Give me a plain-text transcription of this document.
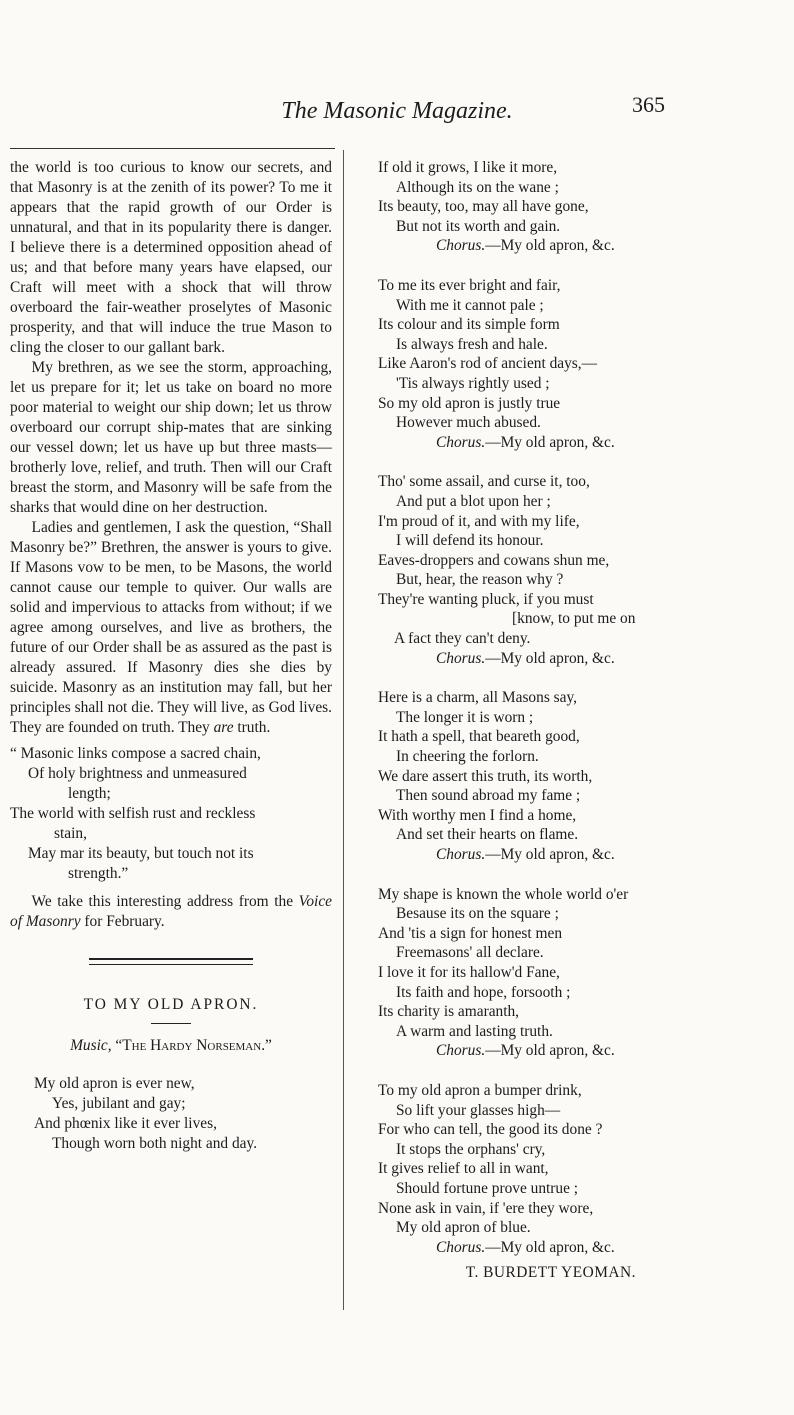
The Masonic Magazine.	365

the world is too curious to know our secrets, and that Masonry is at the zenith of its power? To me it appears that the rapid growth of our Order is unnatural, and that in its popularity there is danger. I believe there is a determined opposition ahead of us; and that before many years have elapsed, our Craft will meet with a shock that will throw overboard the fair-weather proselytes of Masonic prosperity, and that will induce the true Mason to cling the closer to our gallant bark.

My brethren, as we see the storm, approaching, let us prepare for it; let us take on board no more poor material to weight our ship down; let us throw overboard our corrupt ship-mates that are sinking our vessel down; let us have up but three masts—brotherly love, relief, and truth. Then will our Craft breast the storm, and Masonry will be safe from the sharks that would dine on her destruction.

Ladies and gentlemen, I ask the question, “Shall Masonry be?” Brethren, the answer is yours to give. If Masons vow to be men, to be Masons, the world cannot cause our temple to quiver. Our walls are solid and impervious to attacks from without; if we agree among ourselves, and live as brothers, the future of our Order shall be as assured as the past is already assured. If Masonry dies she dies by suicide. Masonry as an institution may fall, but her principles shall not die. They will live, as God lives. They are founded on truth. They are truth.

“ Masonic links compose a sacred chain,
Of holy brightness and unmeasured
length;
The world with selfish rust and reckless
stain,
May mar its beauty, but touch not its
strength.”

We take this interesting address from the Voice of Masonry for February.

TO MY OLD APRON.
Music, “The Hardy Norseman.”
My old apron is ever new,
Yes, jubilant and gay;
And phœnix like it ever lives,
Though worn both night and day.
If old it grows, I like it more,
Although its on the wane ;
Its beauty, too, may all have gone,
But not its worth and gain.
Chorus.—My old apron, &c.
To me its ever bright and fair,
With me it cannot pale ;
Its colour and its simple form
Is always fresh and hale.
Like Aaron's rod of ancient days,—
'Tis always rightly used ;
So my old apron is justly true
However much abused.
Chorus.—My old apron, &c.
Tho' some assail, and curse it, too,
And put a blot upon her ;
I'm proud of it, and with my life,
I will defend its honour.
Eaves-droppers and cowans shun me,
But, hear, the reason why ?
They're wanting pluck, if you must
[know, to put me on
A fact they can't deny.
Chorus.—My old apron, &c.
Here is a charm, all Masons say,
The longer it is worn ;
It hath a spell, that beareth good,
In cheering the forlorn.
We dare assert this truth, its worth,
Then sound abroad my fame ;
With worthy men I find a home,
And set their hearts on flame.
Chorus.—My old apron, &c.
My shape is known the whole world o'er
Besause its on the square ;
And 'tis a sign for honest men
Freemasons' all declare.
I love it for its hallow'd Fane,
Its faith and hope, forsooth ;
Its charity is amaranth,
A warm and lasting truth.
Chorus.—My old apron, &c.
To my old apron a bumper drink,
So lift your glasses high—
For who can tell, the good its done ?
It stops the orphans' cry,
It gives relief to all in want,
Should fortune prove untrue ;
None ask in vain, if 'ere they wore,
My old apron of blue.
Chorus.—My old apron, &c.
T. BURDETT YEOMAN.
